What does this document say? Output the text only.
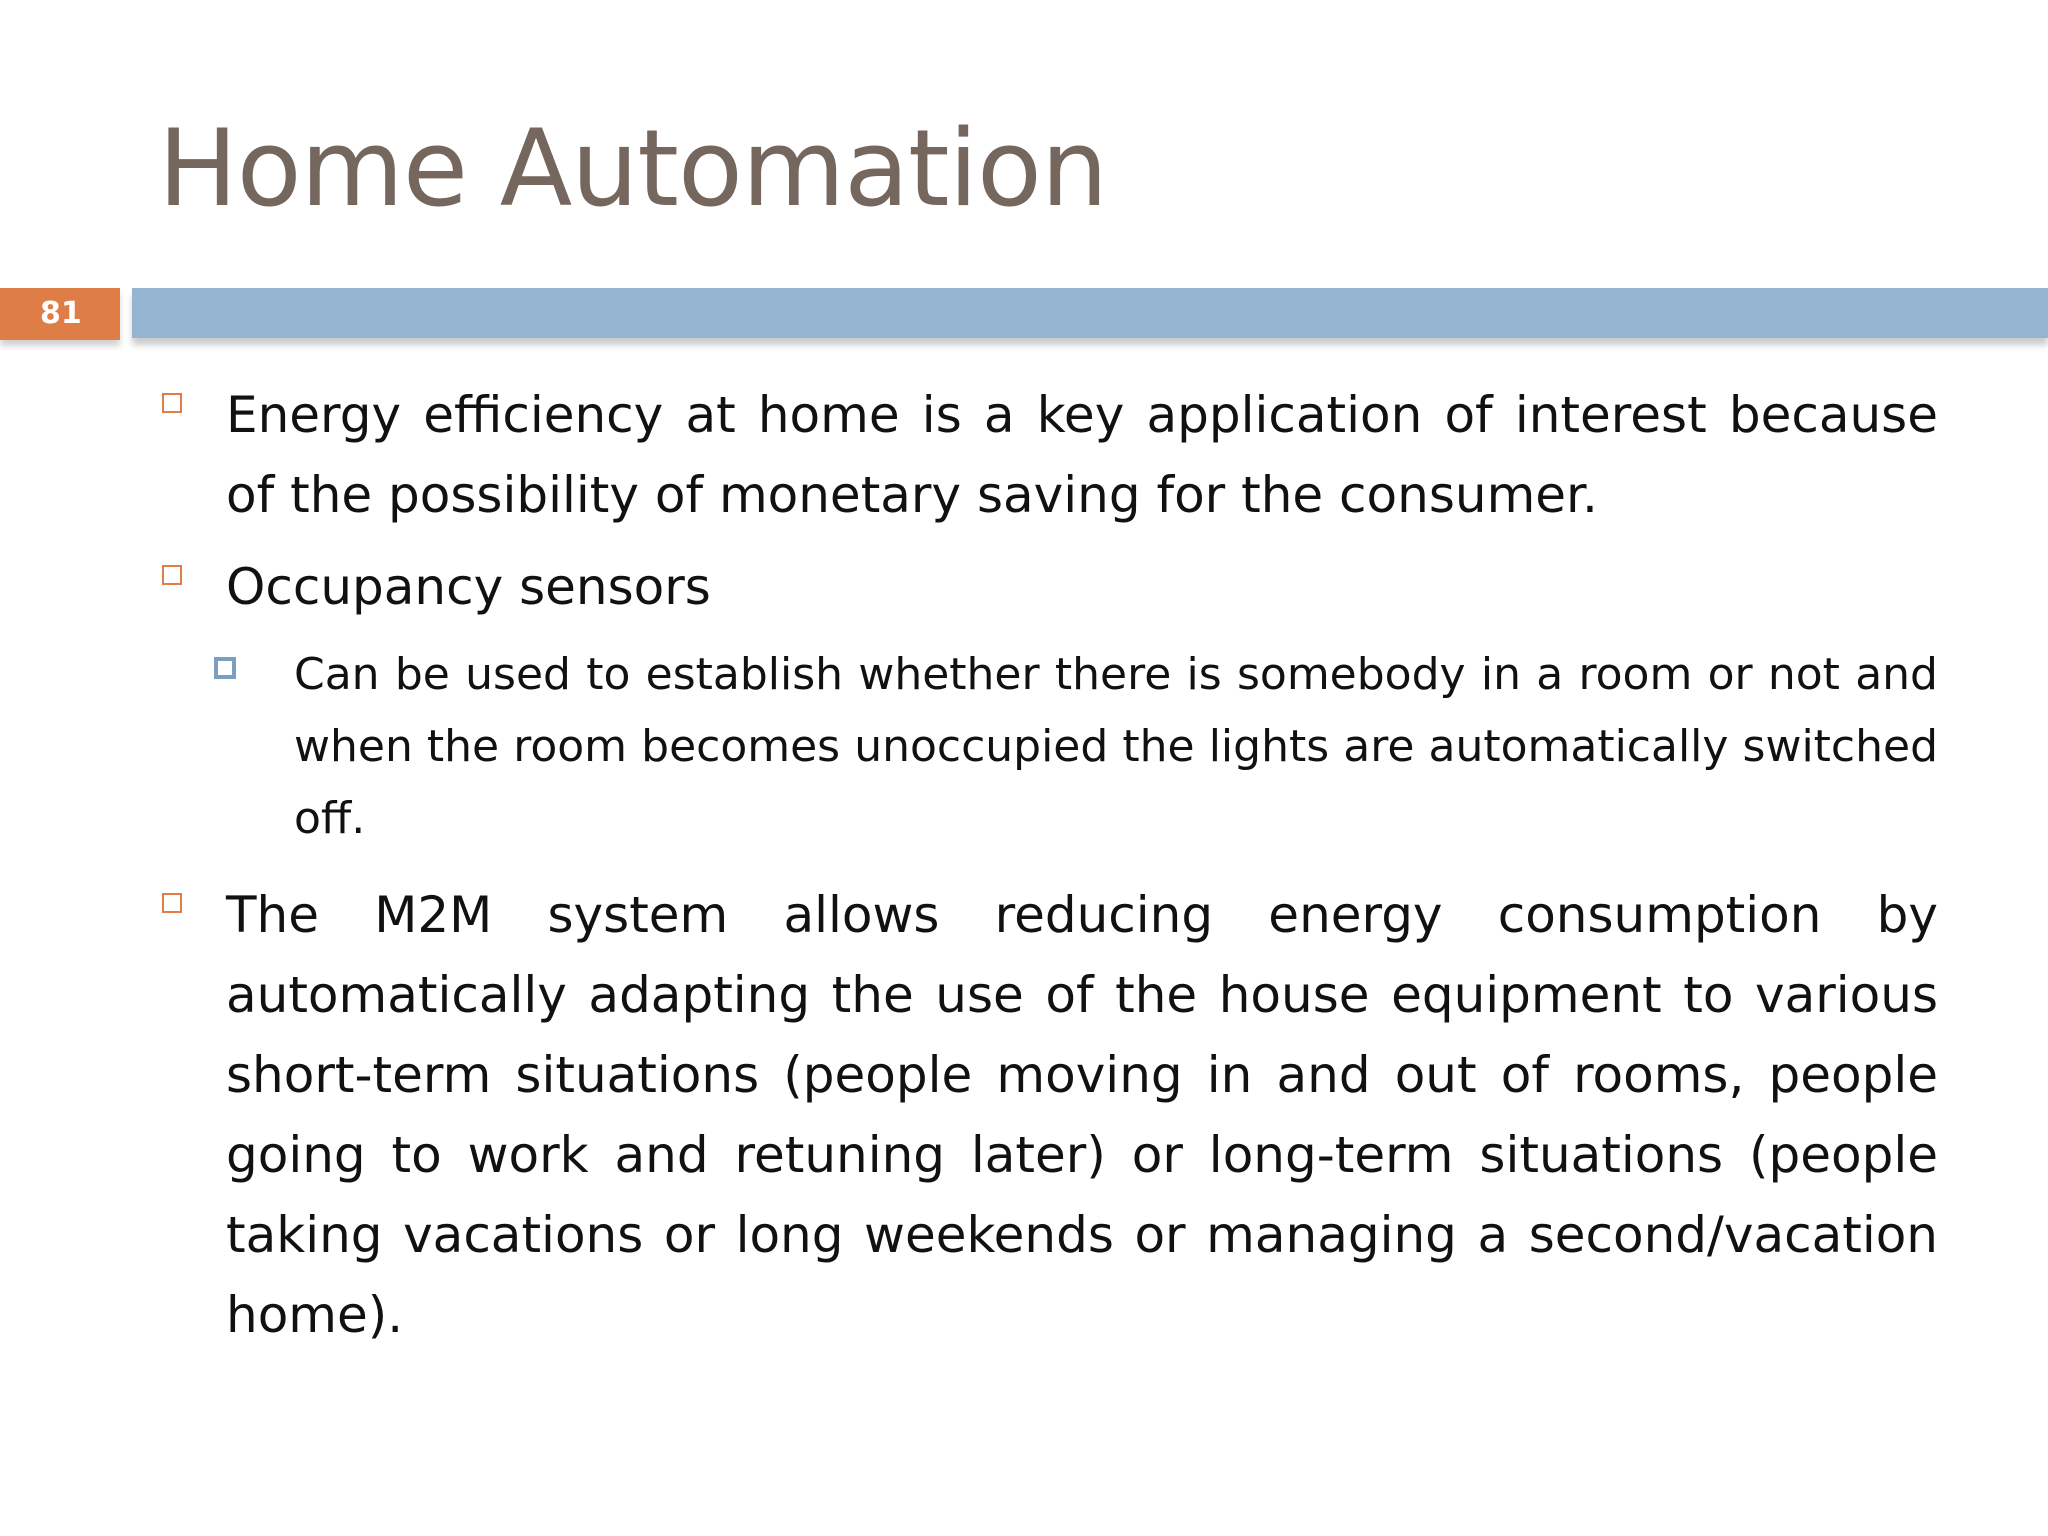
Home Automation
81
Energy efficiency at home is a key application of interest because of the possibility of monetary saving for the consumer.
Occupancy sensors
Can be used to establish whether there is somebody in a room or not and when the room becomes unoccupied the lights are automatically switched off.
The M2M system allows reducing energy consumption by automatically adapting the use of the house equipment to various short-term situations (people moving in and out of rooms, people going to work and retuning later) or long-term situations (people taking vacations or long weekends or managing a second/vacation home).
